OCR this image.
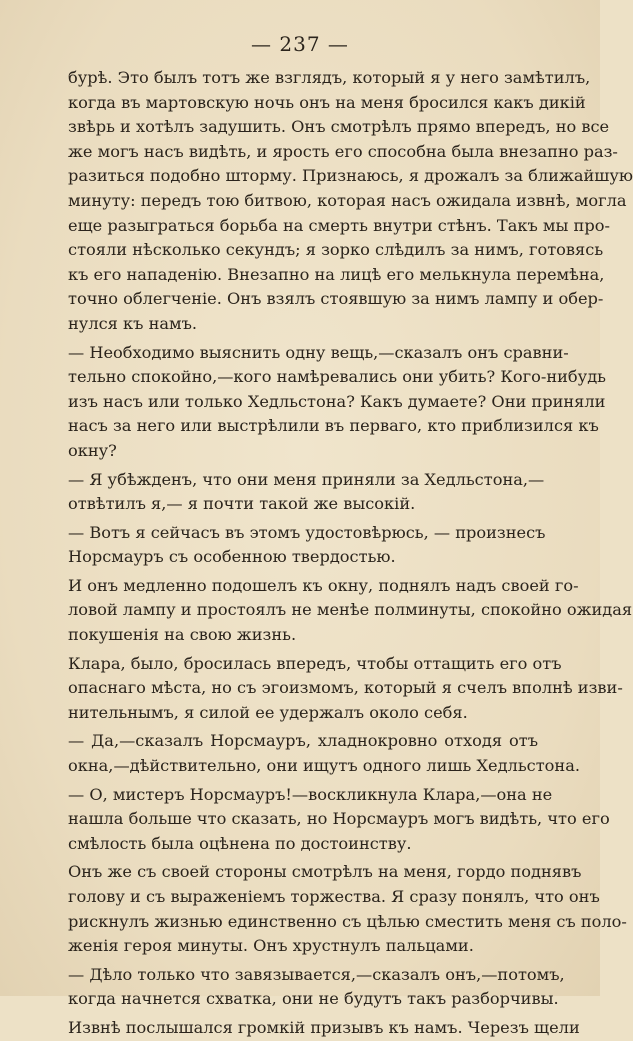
— 237 —
бурѣ. Это былъ тотъ же взглядъ, который я у него замѣтилъ,
когда въ мартовскую ночь онъ на меня бросился какъ дикій
звѣрь и хотѣлъ задушить. Онъ смотрѣлъ прямо впередъ, но все
же могъ насъ видѣть, и ярость его способна была внезапно раз-
разиться подобно шторму. Признаюсь, я дрожалъ за ближайшую
минуту: передъ тою битвою, которая насъ ожидала извнѣ, могла
еще разыграться борьба на смерть внутри стѣнъ. Такъ мы про-
стояли нѣсколько секундъ; я зорко слѣдилъ за нимъ, готовясь
къ его нападенію. Внезапно на лицѣ его мелькнула перемѣна,
точно облегченіе. Онъ взялъ стоявшую за нимъ лампу и обер-
нулся къ намъ.
— Необходимо выяснить одну вещь,—сказалъ онъ сравни-
тельно спокойно,—кого намѣревались они убить? Кого-нибудь
изъ насъ или только Хедльстона? Какъ думаете? Они приняли
насъ за него или выстрѣлили въ перваго, кто приблизился къ
окну?
— Я убѣжденъ, что они меня приняли за Хедльстона,—
отвѣтилъ я,— я почти такой же высокій.
— Вотъ я сейчасъ въ этомъ удостовѣрюсь, — произнесъ
Норсмауръ съ особенною твердостью.
И онъ медленно подошелъ къ окну, поднялъ надъ своей го-
ловой лампу и простоялъ не менѣе полминуты, спокойно ожидая
покушенія на свою жизнь.
Клара, было, бросилась впередъ, чтобы оттащить его отъ
опаснаго мѣста, но съ эгоизмомъ, который я счелъ вполнѣ изви-
нительнымъ, я силой ее удержалъ около себя.
— Да,—сказалъ Норсмауръ, хладнокровно отходя отъ
окна,—дѣйствительно, они ищутъ одного лишь Хедльстона.
— О, мистеръ Норсмауръ!—воскликнула Клара,—она не
нашла больше что сказать, но Норсмауръ могъ видѣть, что его
смѣлость была оцѣнена по достоинству.
Онъ же съ своей стороны смотрѣлъ на меня, гордо поднявъ
голову и съ выраженіемъ торжества. Я сразу понялъ, что онъ
рискнулъ жизнью единственно съ цѣлью сместить меня съ поло-
женія героя минуты. Онъ хрустнулъ пальцами.
— Дѣло только что завязывается,—сказалъ онъ,—потомъ,
когда начнется схватка, они не будутъ такъ разборчивы.
Извнѣ послышался громкій призывъ къ намъ. Черезъ щели
